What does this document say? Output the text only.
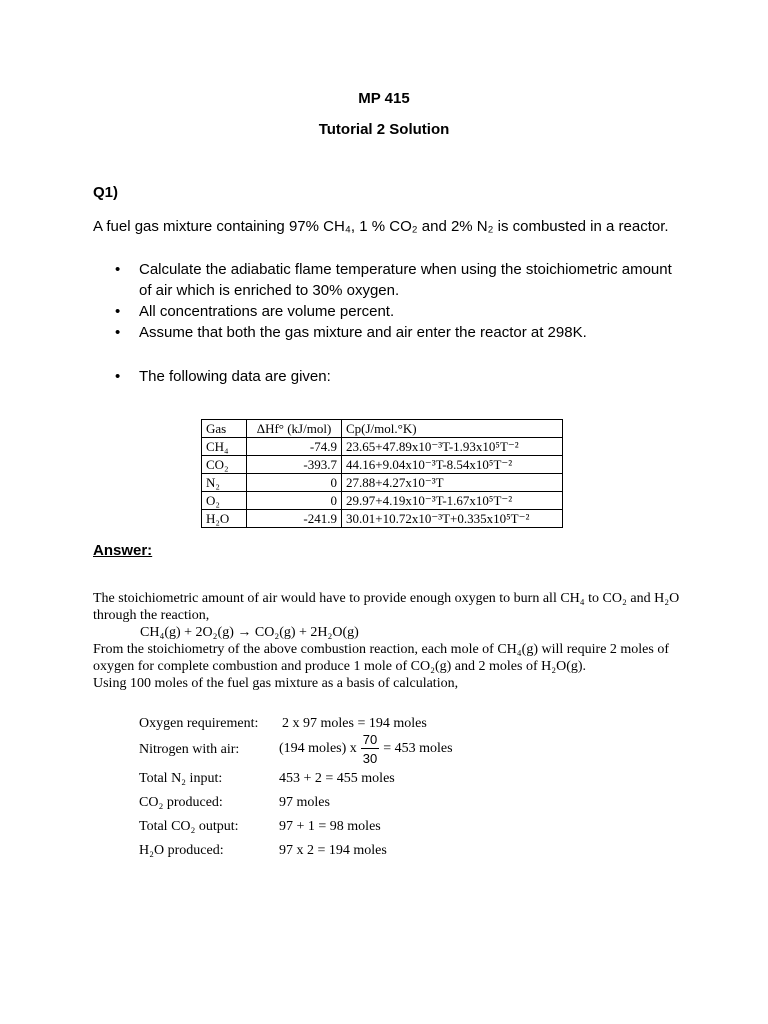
MP 415
Tutorial 2 Solution
Q1)
A fuel gas mixture containing 97% CH₄, 1 % CO₂ and 2% N₂ is combusted in a reactor.
• Calculate the adiabatic flame temperature when using the stoichiometric amount of air which is enriched to 30% oxygen.
• All concentrations are volume percent.
• Assume that both the gas mixture and air enter the reactor at 298K.
• The following data are given:
Gas	ΔHf° (kJ/mol)	Cp(J/mol.°K)
CH₄	-74.9	23.65+47.89x10⁻³T-1.93x10⁵T⁻²
CO₂	-393.7	44.16+9.04x10⁻³T-8.54x10⁵T⁻²
N₂	0	27.88+4.27x10⁻³T
O₂	0	29.97+4.19x10⁻³T-1.67x10⁵T⁻²
H₂O	-241.9	30.01+10.72x10⁻³T+0.335x10⁵T⁻²
Answer:

The stoichiometric amount of air would have to provide enough oxygen to burn all CH₄ to CO₂ and H₂O through the reaction,

CH₄(g) + 2O₂(g) → CO₂(g) + 2H₂O(g)

From the stoichiometry of the above combustion reaction, each mole of CH₄(g) will require 2 moles of oxygen for complete combustion and produce 1 mole of CO₂(g) and 2 moles of H₂O(g).

Using 100 moles of the fuel gas mixture as a basis of calculation,

Oxygen requirement: 2 x 97 moles = 194 moles
Nitrogen with air:	(194 moles) x $\frac{70}{30} = 453$ moles
Total N₂ input:	453 + 2 = 455 moles
CO₂ produced:	97 moles
Total CO₂ output:	97 + 1 = 98 moles
H₂O produced:	97 x 2 = 194 moles
